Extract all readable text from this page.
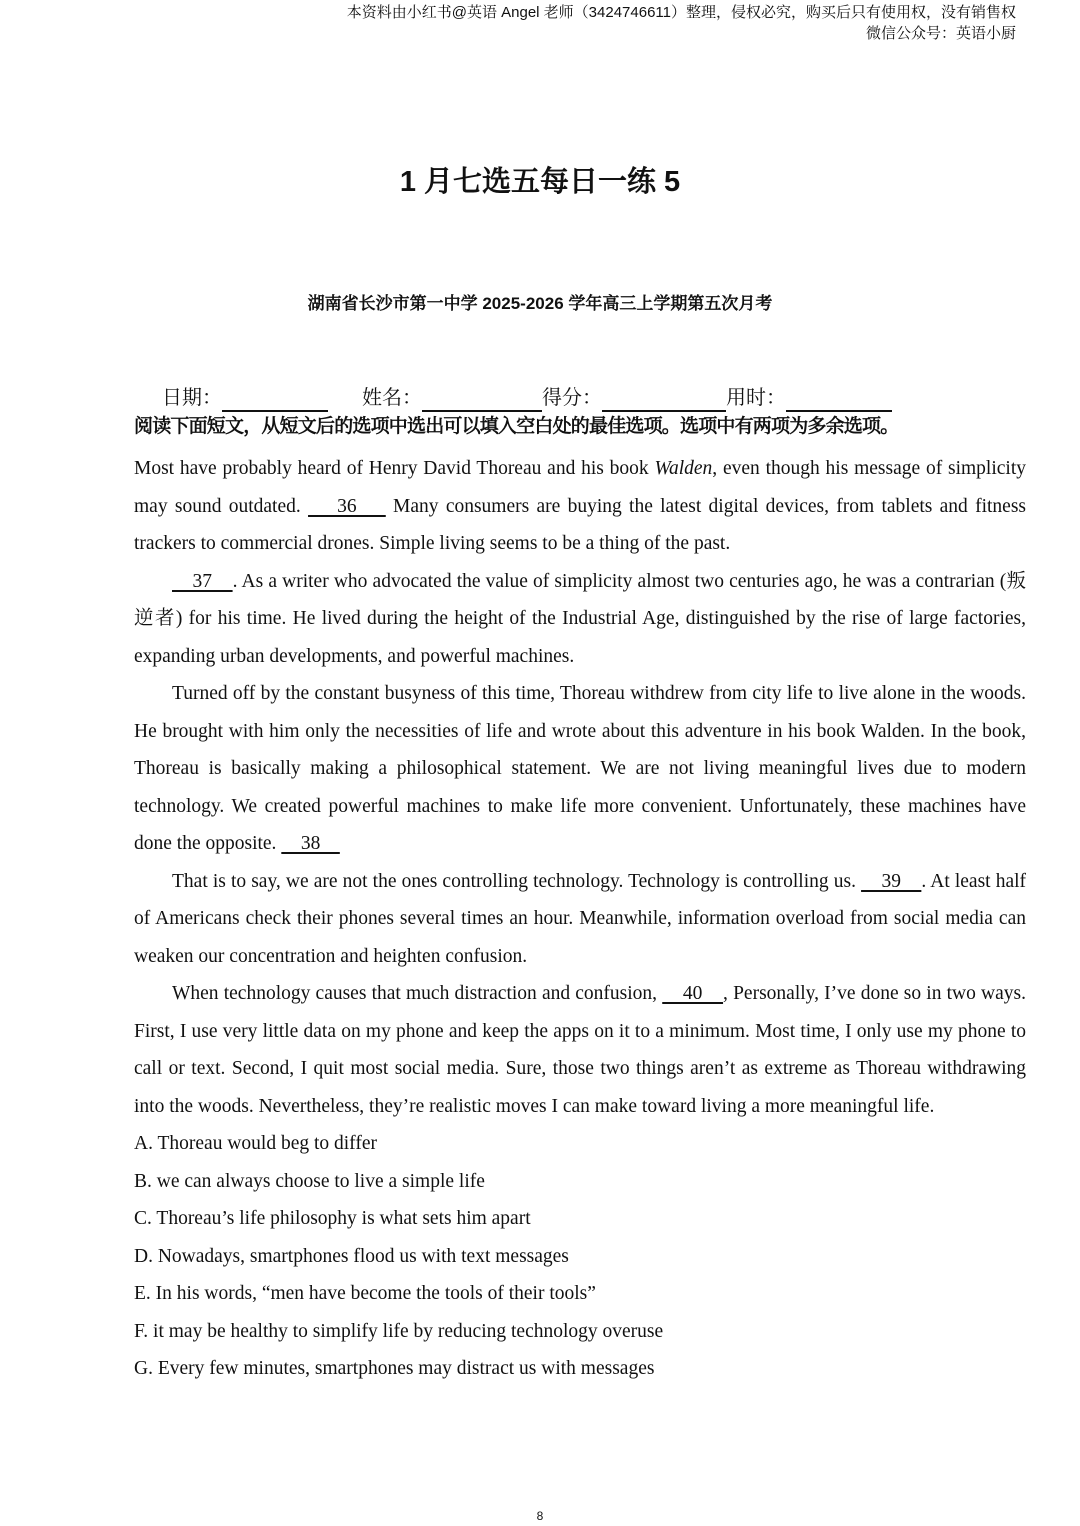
本资料由小红书@英语 Angel 老师（3424746611）整理，侵权必究，购买后只有使用权，没有销售权
微信公众号：英语小厨
1 月七选五每日一练 5
湖南省长沙市第一中学 2025-2026 学年高三上学期第五次月考
日期：	姓名：	得分：	用时：
阅读下面短文，从短文后的选项中选出可以填入空白处的最佳选项。选项中有两项为多余选项。

Most have probably heard of Henry David Thoreau and his book Walden, even though his message of simplicity may sound outdated.     36     Many consumers are buying the latest digital devices, from tablets and fitness trackers to commercial drones. Simple living seems to be a thing of the past.

37    . As a writer who advocated the value of simplicity almost two centuries ago, he was a contrarian (叛逆者) for his time. He lived during the height of the Industrial Age, distinguished by the rise of large factories, expanding urban developments, and powerful machines.

Turned off by the constant busyness of this time, Thoreau withdrew from city life to live alone in the woods. He brought with him only the necessities of life and wrote about this adventure in his book Walden. In the book, Thoreau is basically making a philosophical statement. We are not living meaningful lives due to modern technology. We created powerful machines to make life more convenient. Unfortunately, these machines have done the opposite.     38

That is to say, we are not the ones controlling technology. Technology is controlling us.     39    . At least half of Americans check their phones several times an hour. Meanwhile, information overload from social media can weaken our concentration and heighten confusion.

When technology causes that much distraction and confusion,     40    , Personally, I’ve done so in two ways. First, I use very little data on my phone and keep the apps on it to a minimum. Most time, I only use my phone to call or text. Second, I quit most social media. Sure, those two things aren’t as extreme as Thoreau withdrawing into the woods. Nevertheless, they’re realistic moves I can make toward living a more meaningful life.

A. Thoreau would beg to differ
B. we can always choose to live a simple life
C. Thoreau’s life philosophy is what sets him apart
D. Nowadays, smartphones flood us with text messages
E. In his words, “men have become the tools of their tools”
F. it may be healthy to simplify life by reducing technology overuse
G. Every few minutes, smartphones may distract us with messages
8
